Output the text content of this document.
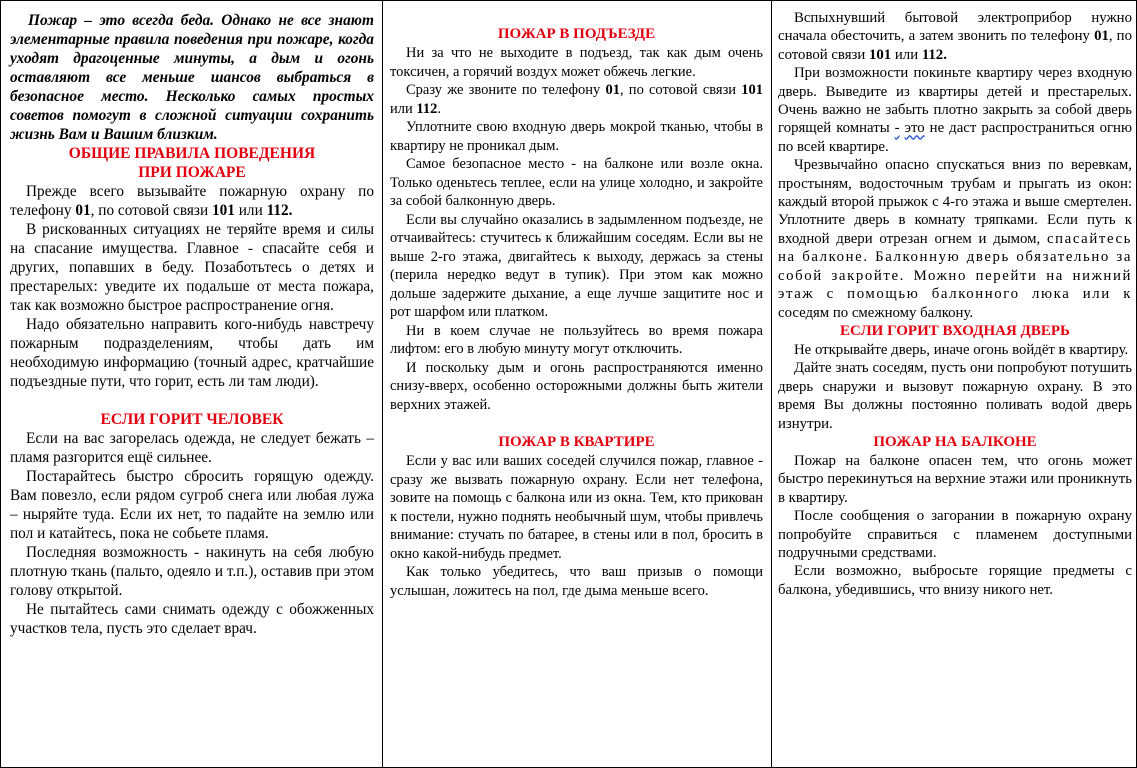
Пожар – это всегда беда. Однако не все знают элементарные правила поведения при пожаре, когда уходят драгоценные минуты, а дым и огонь оставляют все меньше шансов выбраться в безопасное место. Несколько самых простых советов помогут в сложной ситуации сохранить жизнь Вам и Вашим близким.

ОБЩИЕ ПРАВИЛА ПОВЕДЕНИЯ
ПРИ ПОЖАРЕ

Прежде всего вызывайте пожарную охрану по телефону 01, по сотовой связи 101 или 112.

В рискованных ситуациях не теряйте время и силы на спасание имущества. Главное - спасайте себя и других, попавших в беду. Позаботьтесь о детях и престарелых: уведите их подальше от места пожара, так как возможно быстрое распространение огня.

Надо обязательно направить кого-нибудь навстречу пожарным подразделениям, чтобы дать им необходимую информацию (точный адрес, кратчайшие подъездные пути, что горит, есть ли там люди).

ЕСЛИ ГОРИТ ЧЕЛОВЕК

Если на вас загорелась одежда, не следует бежать – пламя разгорится ещё сильнее.

Постарайтесь быстро сбросить горящую одежду. Вам повезло, если рядом сугроб снега или любая лужа – ныряйте туда. Если их нет, то падайте на землю или пол и катайтесь, пока не собьете пламя.

Последняя возможность - накинуть на себя любую плотную ткань (пальто, одеяло и т.п.), оставив при этом голову открытой.

Не пытайтесь сами снимать одежду с обожженных участков тела, пусть это сделает врач.

ПОЖАР В ПОДЪЕЗДЕ

Ни за что не выходите в подъезд, так как дым очень токсичен, а горячий воздух может обжечь легкие.

Сразу же звоните по телефону 01, по сотовой связи 101 или 112.

Уплотните свою входную дверь мокрой тканью, чтобы в квартиру не проникал дым.

Самое безопасное место - на балконе или возле окна. Только оденьтесь теплее, если на улице холодно, и закройте за собой балконную дверь.

Если вы случайно оказались в задымленном подъезде, не отчаивайтесь: стучитесь к ближайшим соседям. Если вы не выше 2-го этажа, двигайтесь к выходу, держась за стены (перила нередко ведут в тупик). При этом как можно дольше задержите дыхание, а еще лучше защитите нос и рот шарфом или платком.

Ни в коем случае не пользуйтесь во время пожара лифтом: его в любую минуту могут отключить.

И поскольку дым и огонь распространяются именно снизу-вверх, особенно осторожными должны быть жители верхних этажей.

ПОЖАР В КВАРТИРЕ

Если у вас или ваших соседей случился пожар, главное - сразу же вызвать пожарную охрану. Если нет телефона, зовите на помощь с балкона или из окна. Тем, кто прикован к постели, нужно поднять необычный шум, чтобы привлечь внимание: стучать по батарее, в стены или в пол, бросить в окно какой-нибудь предмет.

Как только убедитесь, что ваш призыв о помощи услышан, ложитесь на пол, где дыма меньше всего.

Вспыхнувший бытовой электроприбор нужно сначала обесточить, а затем звонить по телефону 01, по сотовой связи 101 или 112.

При возможности покиньте квартиру через входную дверь. Выведите из квартиры детей и престарелых. Очень важно не забыть плотно закрыть за собой дверь горящей комнаты - это не даст распространиться огню по всей квартире.

Чрезвычайно опасно спускаться вниз по веревкам, простыням, водосточным трубам и прыгать из окон: каждый второй прыжок с 4-го этажа и выше смертелен. Уплотните дверь в комнату тряпками. Если путь к входной двери отрезан огнем и дымом, спасайтесь на балконе. Балконную дверь обязательно за собой закройте. Можно перейти на нижний этаж с помощью балконного люка или к соседям по смежному балкону.

ЕСЛИ ГОРИТ ВХОДНАЯ ДВЕРЬ

Не открывайте дверь, иначе огонь войдёт в квартиру.

Дайте знать соседям, пусть они попробуют потушить дверь снаружи и вызовут пожарную охрану. В это время Вы должны постоянно поливать водой дверь изнутри.

ПОЖАР НА БАЛКОНЕ

Пожар на балконе опасен тем, что огонь может быстро перекинуться на верхние этажи или проникнуть в квартиру.

После сообщения о загорании в пожарную охрану попробуйте справиться с пламенем доступными подручными средствами.

Если возможно, выбросьте горящие предметы с балкона, убедившись, что внизу никого нет.
